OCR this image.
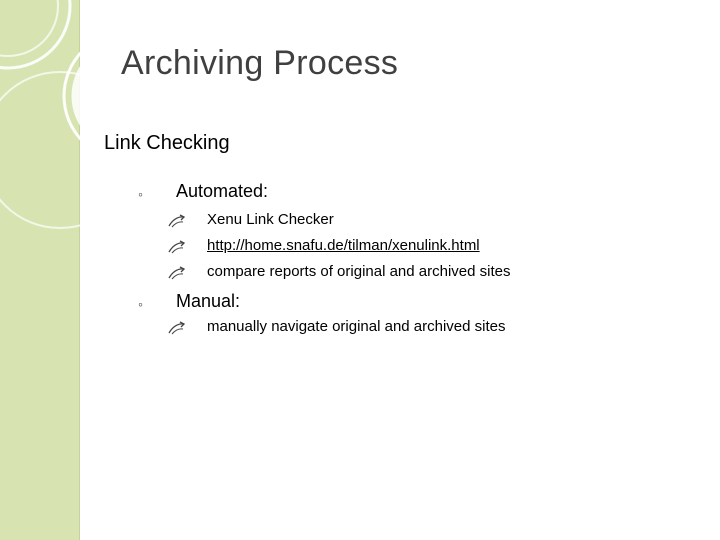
Archiving Process
Link Checking
◦ Automated:
Xenu Link Checker
http://home.snafu.de/tilman/xenulink.html
compare reports of original and archived sites
◦ Manual:
manually navigate original and archived sites
